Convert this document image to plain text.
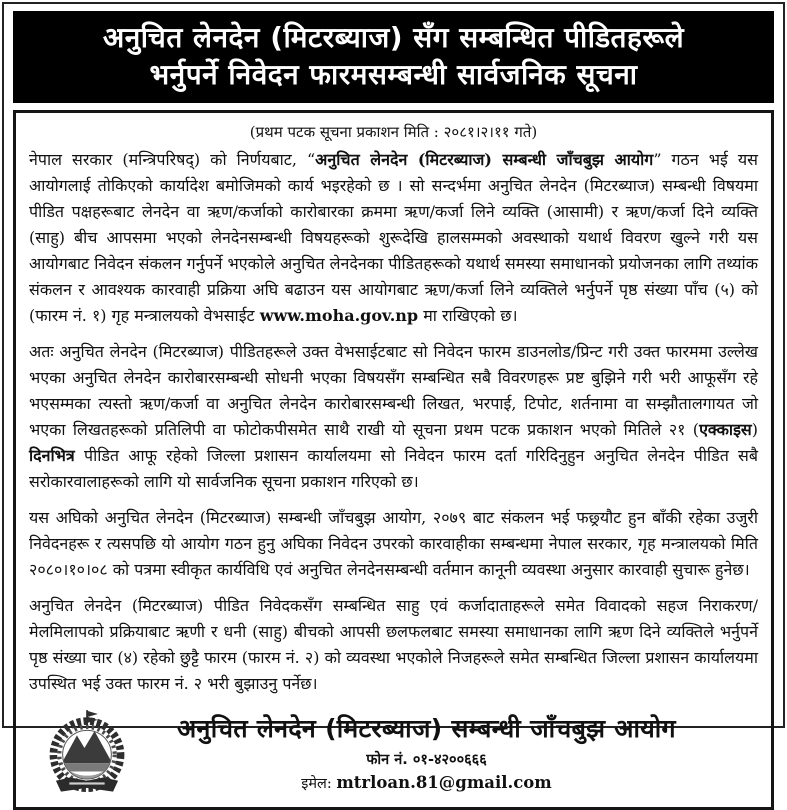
अनुचित लेनदेन (मिटरब्याज) सँग सम्बन्धित पीडितहरूले
भर्नुपर्ने निवेदन फारमसम्बन्धी सार्वजनिक सूचना
(प्रथम पटक सूचना प्रकाशन मिति : २०८१।२।११ गते)

नेपाल सरकार (मन्त्रिपरिषद्) को निर्णयबाट, “अनुचित लेनदेन (मिटरब्याज) सम्बन्धी जाँचबुझ आयोग” गठन भई यस आयोगलाई तोकिएको कार्यादेश बमोजिमको कार्य भइरहेको छ । सो सन्दर्भमा अनुचित लेनदेन (मिटरब्याज) सम्बन्धी विषयमा पीडित पक्षहरूबाट लेनदेन वा ऋण/कर्जाको कारोबारका क्रममा ऋण/कर्जा लिने व्यक्ति (आसामी) र ऋण/कर्जा दिने व्यक्ति (साहु) बीच आपसमा भएको लेनदेनसम्बन्धी विषयहरूको शुरूदेखि हालसम्मको अवस्थाको यथार्थ विवरण खुल्ने गरी यस आयोगबाट निवेदन संकलन गर्नुपर्ने भएकोले अनुचित लेनदेनका पीडितहरूको यथार्थ समस्या समाधानको प्रयोजनका लागि तथ्यांक संकलन र आवश्यक कारवाही प्रक्रिया अघि बढाउन यस आयोगबाट ऋण/कर्जा लिने व्यक्तिले भर्नुपर्ने पृष्ठ संख्या पाँच (५) को (फारम नं. १) गृह मन्त्रालयको वेभसाईट www.moha.gov.np मा राखिएको छ।

अतः अनुचित लेनदेन (मिटरब्याज) पीडितहरूले उक्त वेभसाईटबाट सो निवेदन फारम डाउनलोड/प्रिन्ट गरी उक्त फारममा उल्लेख भएका अनुचित लेनदेन कारोबारसम्बन्धी सोधनी भएका विषयसँग सम्बन्धित सबै विवरणहरू प्रष्ट बुझिने गरी भरी आफूसँग रहे भएसम्मका त्यस्तो ऋण/कर्जा वा अनुचित लेनदेन कारोबारसम्बन्धी लिखत, भरपाई, टिपोट, शर्तनामा वा सम्झौतालगायत जो भएका लिखतहरूको प्रतिलिपी वा फोटोकपीसमेत साथै राखी यो सूचना प्रथम पटक प्रकाशन भएको मितिले २१ (एक्काइस) दिनभित्र पीडित आफू रहेको जिल्ला प्रशासन कार्यालयमा सो निवेदन फारम दर्ता गरिदिनुहुन अनुचित लेनदेन पीडित सबै सरोकारवालाहरूको लागि यो सार्वजनिक सूचना प्रकाशन गरिएको छ।

यस अघिको अनुचित लेनदेन (मिटरब्याज) सम्बन्धी जाँचबुझ आयोग, २०७९ बाट संकलन भई फछ्र्यौट हुन बाँकी रहेका उजुरी निवेदनहरू र त्यसपछि यो आयोग गठन हुनु अघिका निवेदन उपरको कारवाहीका सम्बन्धमा नेपाल सरकार, गृह मन्त्रालयको मिति २०८०।१०।०८ को पत्रमा स्वीकृत कार्यविधि एवं अनुचित लेनदेनसम्बन्धी वर्तमान कानूनी व्यवस्था अनुसार कारवाही सुचारू हुनेछ।

अनुचित लेनदेन (मिटरब्याज) पीडित निवेदकसँग सम्बन्धित साहु एवं कर्जादाताहरूले समेत विवादको सहज निराकरण/मेलमिलापको प्रक्रियाबाट ऋणी र धनी (साहु) बीचको आपसी छलफलबाट समस्या समाधानका लागि ऋण दिने व्यक्तिले भर्नुपर्ने पृष्ठ संख्या चार (४) रहेको छुट्टै फारम (फारम नं. २) को व्यवस्था भएकोले निजहरूले समेत सम्बन्धित जिल्ला प्रशासन कार्यालयमा उपस्थित भई उक्त फारम नं. २ भरी बुझाउनु पर्नेछ।

अनुचित लेनदेन (मिटरब्याज) सम्बन्धी जाँचबुझ आयोग
फोन नं. ०१-४२००६६६
इमेल: mtrloan.81@gmail.com
